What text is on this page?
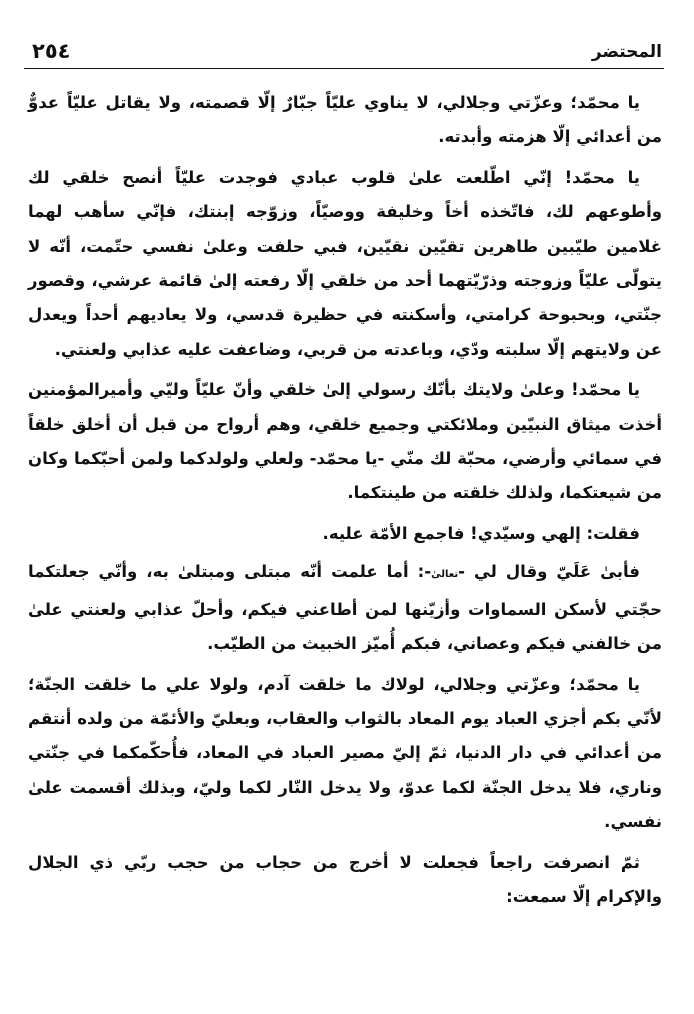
٢٥٤	المحتضر

يا محمّد؛ وعزّتي وجلالي، لا يناوي عليّاً جبّارٌ إلّا قصمته، ولا يقاتل عليّاً عدوٌّ من أعدائي إلّا هزمته وأبدته.

يا محمّد! إنّي اطّلعت علىٰ قلوب عبادي فوجدت عليّاً أنصح خلقي لك وأطوعهم لك، فاتّخذه أخاً وخليفة ووصيّاً، وزوّجه إبنتك، فإنّي سأهب لهما غلامين طيّبين طاهرين تقيّين نقيّين، فبي حلفت وعلىٰ نفسي حتّمت، أنّه لا يتولّى عليّاً وزوجته وذرّيّتهما أحد من خلقي إلّا رفعته إلىٰ قائمة عرشي، وقصور جنّتي، وبحبوحة كرامتي، وأسكنته في حظيرة قدسي، ولا يعاديهم أحداً ويعدل عن ولايتهم إلّا سلبته ودّي، وباعدته من قربي، وضاعفت عليه عذابي ولعنتي.

يا محمّد! وعلىٰ ولايتك بأنّك رسولي إلىٰ خلقي وأنّ عليّاً وليّي وأميرالمؤمنين أخذت ميثاق النبيّين وملائكتي وجميع خلقي، وهم أرواح من قبل أن أخلق خلقاً في سمائي وأرضي، محبّة لك منّي -يا محمّد- ولعلي ولولدكما ولمن أحبّكما وكان من شيعتكما، ولذلك خلقته من طينتكما.

فقلت: إلهي وسيّدي! فاجمع الأمّة عليه.

فأبىٰ عَلَيّ وقال لي -تعالىٰ-: أما علمت أنّه مبتلى ومبتلىٰ به، وأنّي جعلتكما حجّتي لأسكن السماوات وأزيّنها لمن أطاعني فيكم، وأحلّ عذابي ولعنتي علىٰ من خالفني فيكم وعصاني، فبكم أُميّز الخبيث من الطيّب.

يا محمّد؛ وعزّتي وجلالي، لولاك ما خلقت آدم، ولولا علي ما خلقت الجنّة؛ لأنّي بكم أجزي العباد يوم المعاد بالثواب والعقاب، وبعليّ والأئمّة من ولده أنتقم من أعدائي في دار الدنيا، ثمّ إليّ مصير العباد في المعاد، فأُحكّمكما في جنّتي وناري، فلا يدخل الجنّة لكما عدوّ، ولا يدخل النّار لكما وليّ، وبذلك أقسمت علىٰ نفسي.

ثمّ انصرفت راجعاً فجعلت لا أخرج من حجاب من حجب ربّي ذي الجلال والإكرام إلّا سمعت:
